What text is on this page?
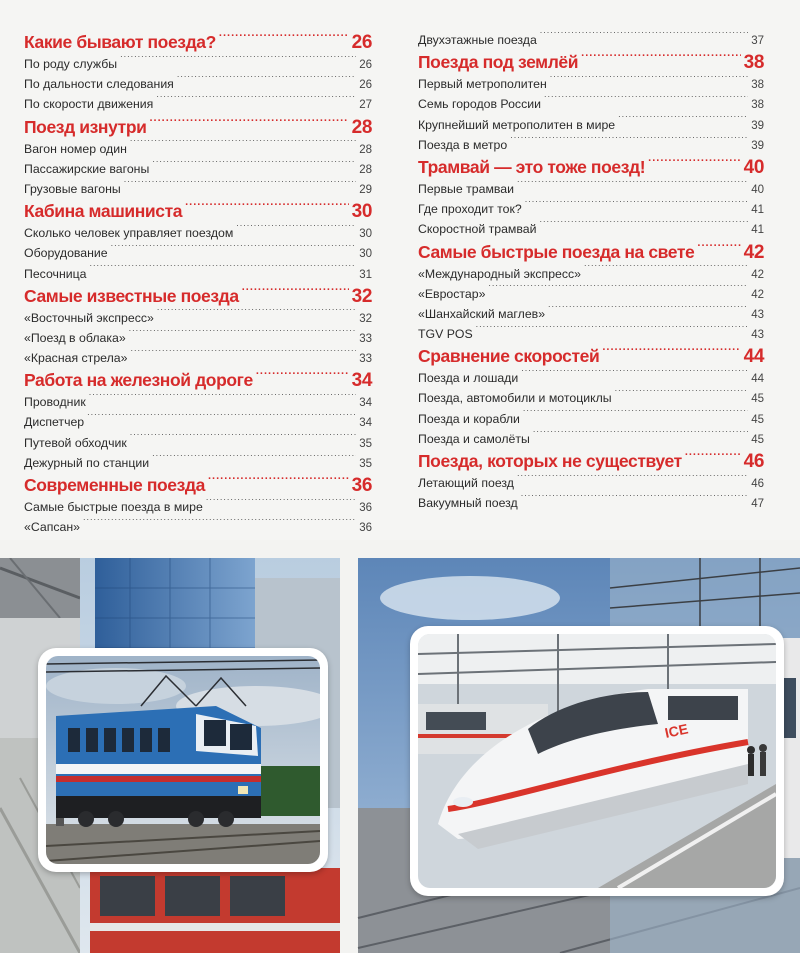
Какие бывают поезда? .....	26
По роду службы .....	26
По дальности следования .....	26
По скорости движения .....	27
Поезд изнутри .....	28
Вагон номер один .....	28
Пассажирские вагоны .....	28
Грузовые вагоны .....	29
Кабина машиниста .....	30
Сколько человек управляет поездом .....	30
Оборудование .....	30
Песочница .....	31
Самые известные поезда .....	32
«Восточный экспресс» .....	32
«Поезд в облака» .....	33
«Красная стрела» .....	33
Работа на железной дороге .....	34
Проводник .....	34
Диспетчер .....	34
Путевой обходчик .....	35
Дежурный по станции .....	35
Современные поезда .....	36
Самые быстрые поезда в мире .....	36
«Сапсан» .....	36
Двухэтажные поезда .....	37
Поезда под землёй .....	38
Первый метрополитен .....	38
Семь городов России .....	38
Крупнейший метрополитен в мире .....	39
Поезда в метро .....	39
Трамвай — это тоже поезд! .....	40
Первые трамваи .....	40
Где проходит ток? .....	41
Скоростной трамвай .....	41
Самые быстрые поезда на свете .....	42
«Международный экспресс» .....	42
«Евростар» .....	42
«Шанхайский маглев» .....	43
TGV POS .....	43
Сравнение скоростей .....	44
Поезда и лошади .....	44
Поезда, автомобили и мотоциклы .....	45
Поезда и корабли .....	45
Поезда и самолёты .....	45
Поезда, которых не существует .....	46
Летающий поезд .....	46
Вакуумный поезд .....	47
ICE
